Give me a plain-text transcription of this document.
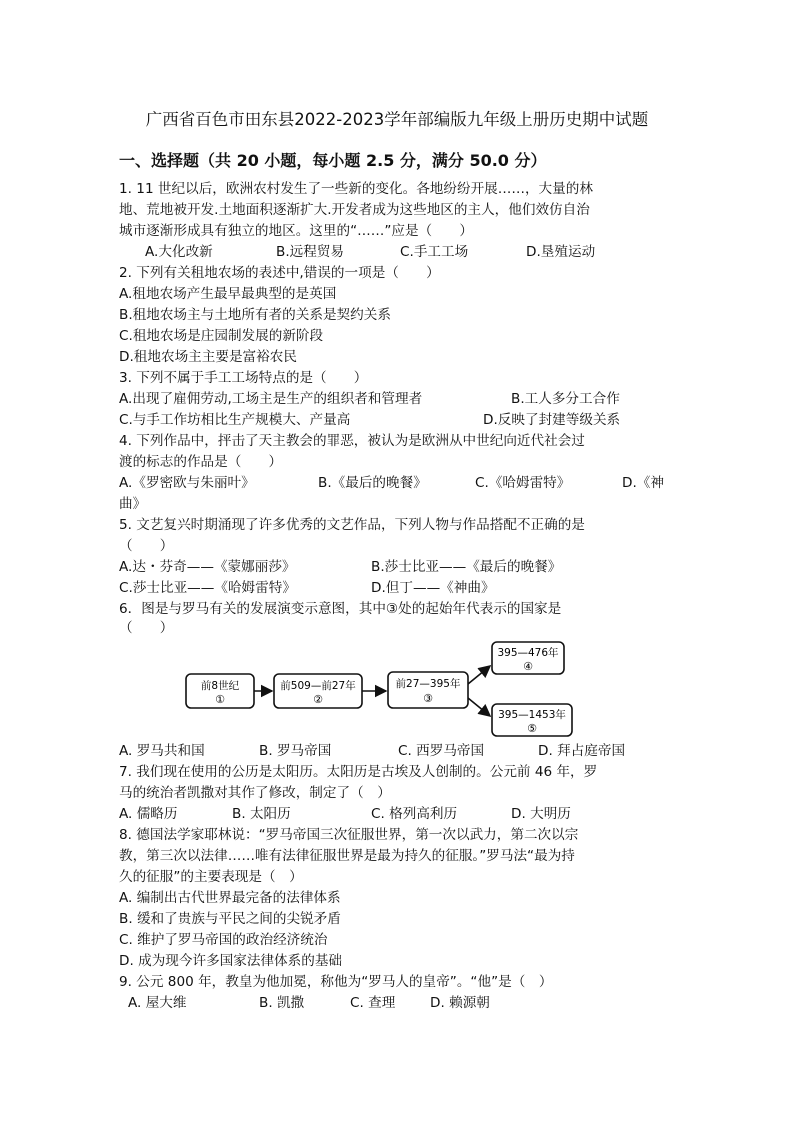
广西省百色市田东县2022-2023学年部编版九年级上册历史期中试题
一、选择题（共 20 小题，每小题 2.5 分，满分 50.0 分）
1. 11 世纪以后，欧洲农村发生了一些新的变化。各地纷纷开展……，大量的林
地、荒地被开发.土地面积逐渐扩大.开发者成为这些地区的主人，他们效仿自治
城市逐渐形成具有独立的地区。这里的“……”应是（　　）
A.大化改新	B.远程贸易	C.手工工场	D.垦殖运动
2. 下列有关租地农场的表述中,错误的一项是（　　）
A.租地农场产生最早最典型的是英国
B.租地农场主与土地所有者的关系是契约关系
C.租地农场是庄园制发展的新阶段
D.租地农场主主要是富裕农民
3. 下列不属于手工工场特点的是（　　）
A.出现了雇佣劳动,工场主是生产的组织者和管理者	B.工人多分工合作
C.与手工作坊相比生产规模大、产量高	D.反映了封建等级关系
4. 下列作品中，抨击了天主教会的罪恶，被认为是欧洲从中世纪向近代社会过
渡的标志的作品是（　　）
A.《罗密欧与朱丽叶》	B.《最后的晚餐》	C.《哈姆雷特》	D.《神
曲》
5. 文艺复兴时期涌现了许多优秀的文艺作品，下列人物与作品搭配不正确的是
（　　）
A.达・芬奇——《蒙娜丽莎》	B.莎士比亚——《最后的晚餐》
C.莎士比亚——《哈姆雷特》	D.但丁——《神曲》
6．图是与罗马有关的发展演变示意图，其中③处的起始年代表示的国家是
（　　）
前8世纪
①
前509—前27年
②
前27—395年
③
395—476年
④
395—1453年
⑤
A. 罗马共和国	B. 罗马帝国	C. 西罗马帝国	D. 拜占庭帝国
7. 我们现在使用的公历是太阳历。太阳历是古埃及人创制的。公元前 46 年，罗
马的统治者凯撒对其作了修改，制定了（　）
A. 儒略历	B. 太阳历	C. 格列高利历	D. 大明历
8. 德国法学家耶林说：“罗马帝国三次征服世界，第一次以武力，第二次以宗
教，第三次以法律……唯有法律征服世界是最为持久的征服。”罗马法“最为持
久的征服”的主要表现是（　）
A. 编制出古代世界最完备的法律体系
B. 缓和了贵族与平民之间的尖锐矛盾
C. 维护了罗马帝国的政治经济统治
D. 成为现今许多国家法律体系的基础
9. 公元 800 年，教皇为他加冕，称他为“罗马人的皇帝”。“他”是（　）
A. 屋大维	B. 凯撒	C. 查理	D. 赖源朝
